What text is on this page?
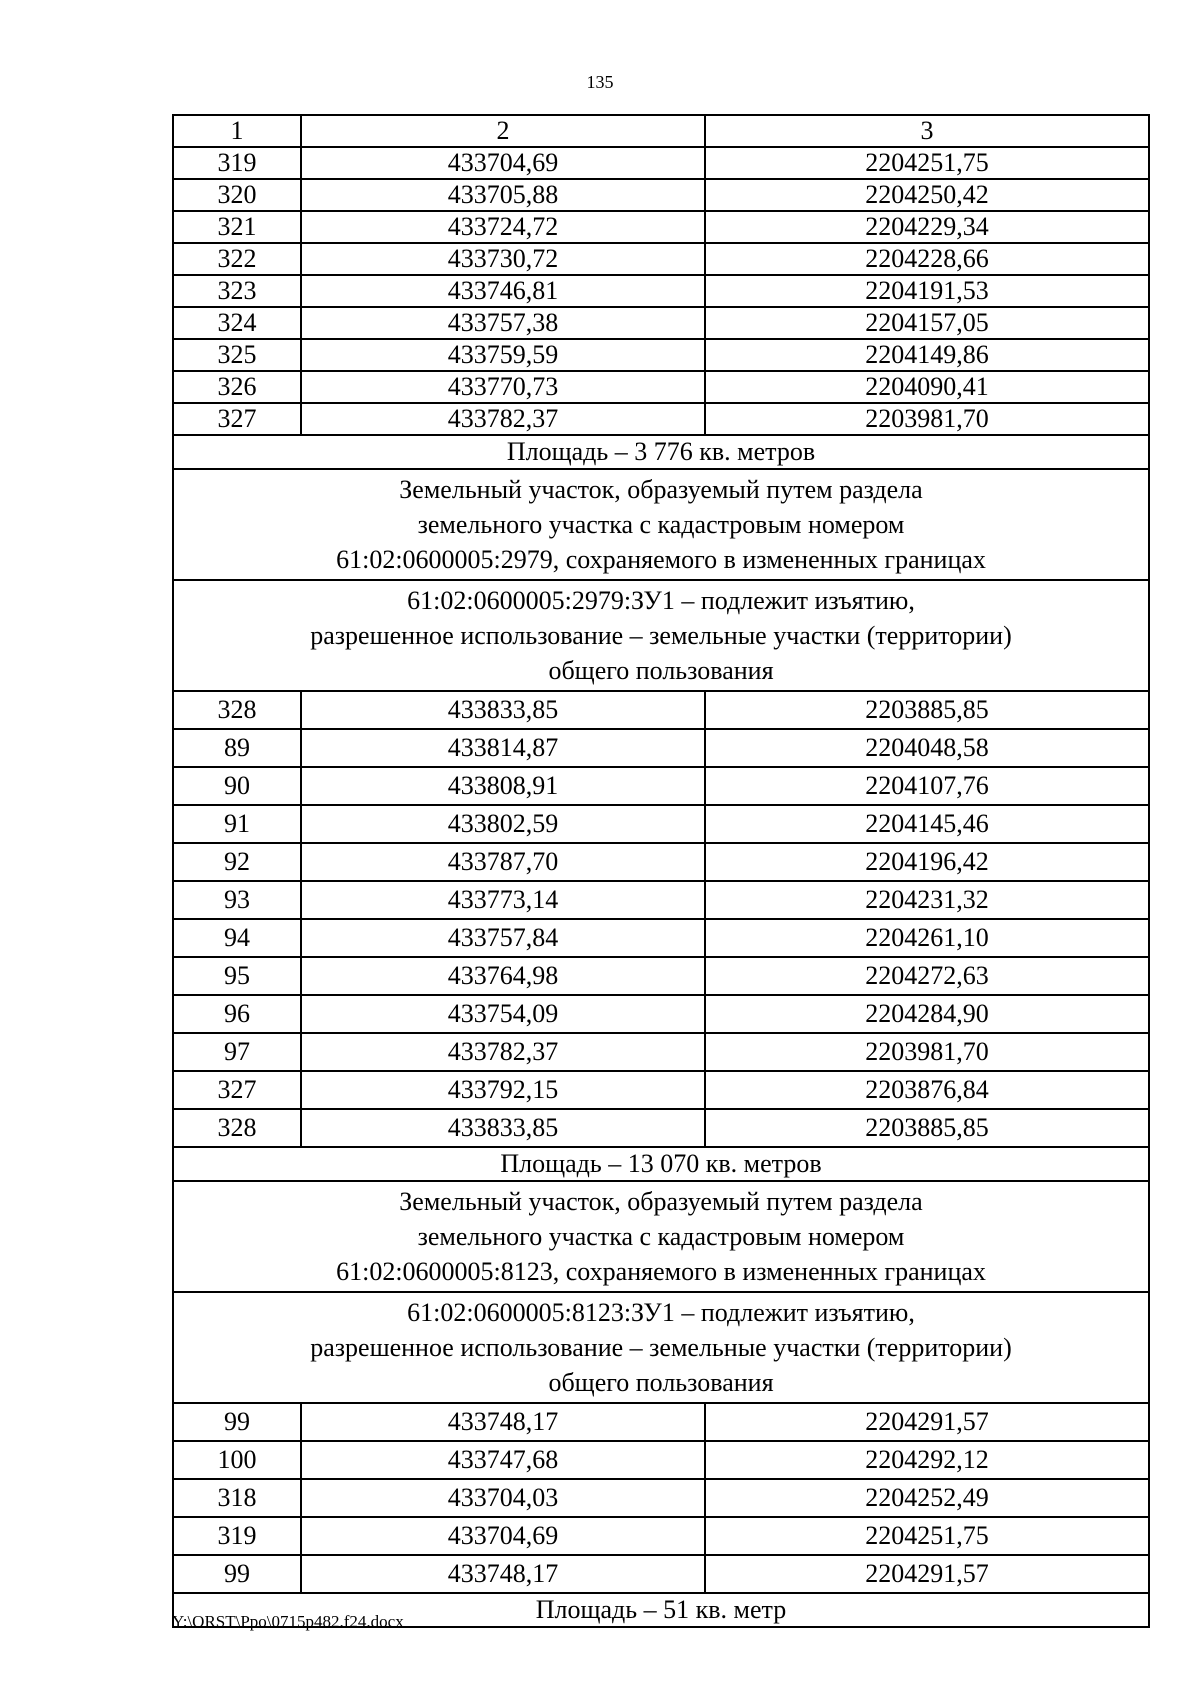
135
1	2	3
319	433704,69	2204251,75
320	433705,88	2204250,42
321	433724,72	2204229,34
322	433730,72	2204228,66
323	433746,81	2204191,53
324	433757,38	2204157,05
325	433759,59	2204149,86
326	433770,73	2204090,41
327	433782,37	2203981,70
Площадь – 3 776 кв. метров		

Земельный участок, образуемый путем раздела
земельного участка с кадастровым номером
61:02:0600005:2979, сохраняемого в измененных границах		

61:02:0600005:2979:ЗУ1 – подлежит изъятию,
разрешенное использование – земельные участки (территории)
общего пользования		

328	433833,85	2203885,85
89	433814,87	2204048,58
90	433808,91	2204107,76
91	433802,59	2204145,46
92	433787,70	2204196,42
93	433773,14	2204231,32
94	433757,84	2204261,10
95	433764,98	2204272,63
96	433754,09	2204284,90
97	433782,37	2203981,70
327	433792,15	2203876,84
328	433833,85	2203885,85
Площадь – 13 070 кв. метров		

Земельный участок, образуемый путем раздела
земельного участка с кадастровым номером
61:02:0600005:8123, сохраняемого в измененных границах		

61:02:0600005:8123:ЗУ1 – подлежит изъятию,
разрешенное использование – земельные участки (территории)
общего пользования		

99	433748,17	2204291,57
100	433747,68	2204292,12
318	433704,03	2204252,49
319	433704,69	2204251,75
99	433748,17	2204291,57
Площадь – 51 кв. метр		
Y:\ORST\Ppo\0715p482.f24.docx
